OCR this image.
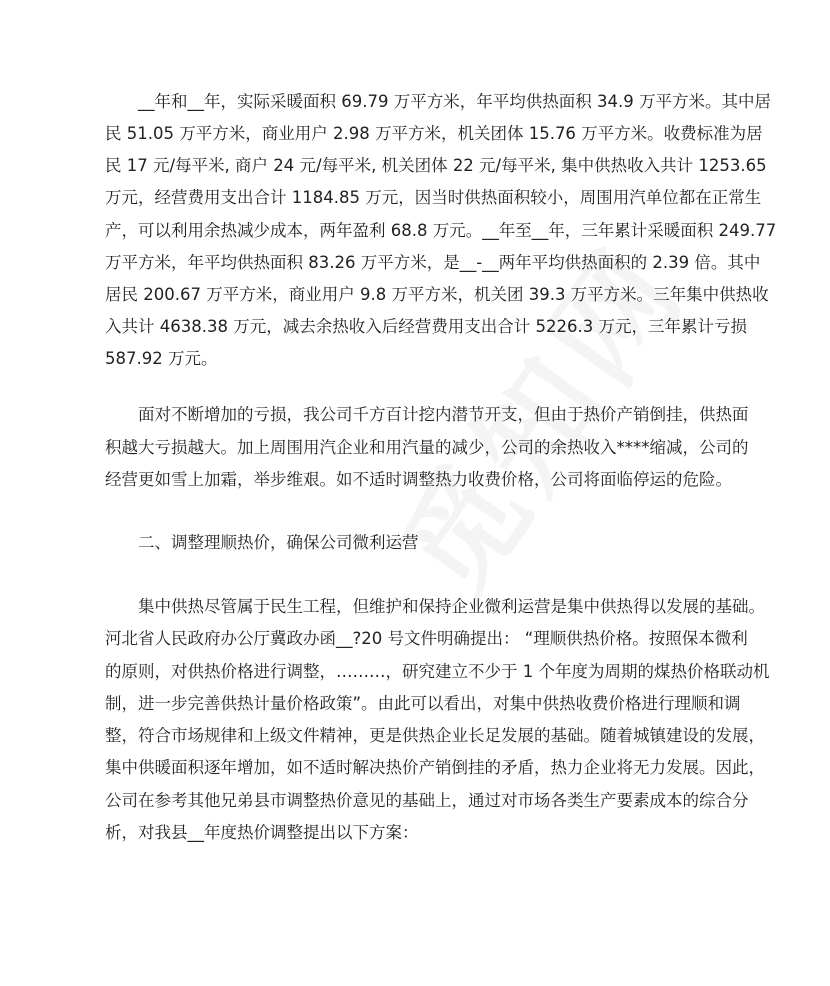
__年和__年，实际采暖面积 69.79 万平方米，年平均供热面积 34.9 万平方米。其中居
民 51.05 万平方米，商业用户 2.98 万平方米，机关团体 15.76 万平方米。收费标准为居
民 17 元/每平米, 商户 24 元/每平米, 机关团体 22 元/每平米, 集中供热收入共计 1253.65
万元，经营费用支出合计 1184.85 万元，因当时供热面积较小，周围用汽单位都在正常生
产，可以利用余热减少成本，两年盈利 68.8 万元。__年至__年，三年累计采暖面积 249.77
万平方米，年平均供热面积 83.26 万平方米，是__-__两年平均供热面积的 2.39 倍。其中
居民 200.67 万平方米，商业用户 9.8 万平方米，机关团 39.3 万平方米。三年集中供热收
入共计 4638.38 万元，减去余热收入后经营费用支出合计 5226.3 万元，三年累计亏损
587.92 万元。
面对不断增加的亏损，我公司千方百计挖内潜节开支，但由于热价产销倒挂，供热面
积越大亏损越大。加上周围用汽企业和用汽量的减少，公司的余热收入****缩减，公司的
经营更如雪上加霜，举步维艰。如不适时调整热力收费价格，公司将面临停运的危险。
二、调整理顺热价，确保公司微利运营
集中供热尽管属于民生工程，但维护和保持企业微利运营是集中供热得以发展的基础。
河北省人民政府办公厅冀政办函__?20 号文件明确提出： “理顺供热价格。按照保本微利
的原则，对供热价格进行调整，………，研究建立不少于 1 个年度为周期的煤热价格联动机
制，进一步完善供热计量价格政策”。由此可以看出，对集中供热收费价格进行理顺和调
整，符合市场规律和上级文件精神，更是供热企业长足发展的基础。随着城镇建设的发展，
集中供暖面积逐年增加，如不适时解决热价产销倒挂的矛盾，热力企业将无力发展。因此，
公司在参考其他兄弟县市调整热价意见的基础上，通过对市场各类生产要素成本的综合分
析，对我县__年度热价调整提出以下方案：
